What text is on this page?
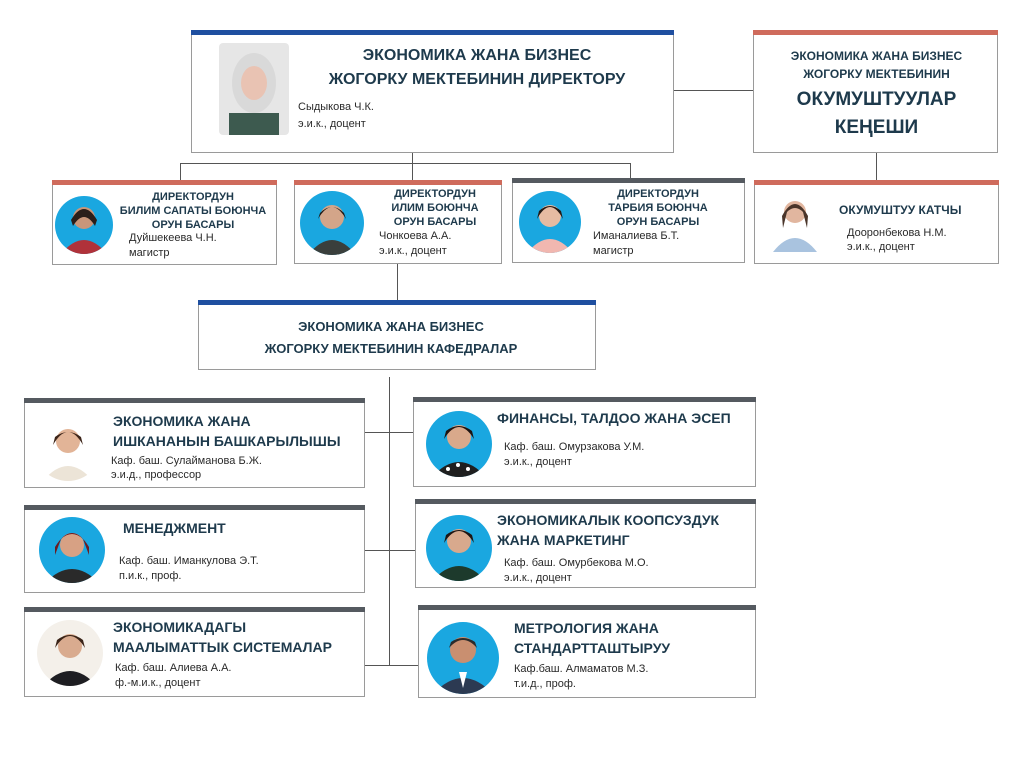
ЭКОНОМИКА ЖАНА БИЗНЕС
ЖОГОРКУ МЕКТЕБИНИН ДИРЕКТОРУ
Сыдыкова Ч.К.
э.и.к., доцент
ЭКОНОМИКА ЖАНА БИЗНЕС
ЖОГОРКУ МЕКТЕБИНИН
ОКУМУШТУУЛАР
КЕҢЕШИ
ДИРЕКТОРДУН
БИЛИМ САПАТЫ БОЮНЧА
ОРУН БАСАРЫ
Дуйшекеева Ч.Н.
магистр
ДИРЕКТОРДУН
ИЛИМ БОЮНЧА
ОРУН БАСАРЫ
Чонкоева А.А.
э.и.к., доцент
ДИРЕКТОРДУН
ТАРБИЯ БОЮНЧА
ОРУН БАСАРЫ
Иманалиева Б.Т.
магистр
ОКУМУШТУУ КАТЧЫ
Дооронбекова Н.М.
э.и.к., доцент
ЭКОНОМИКА ЖАНА БИЗНЕС
ЖОГОРКУ МЕКТЕБИНИН КАФЕДРАЛАР
ЭКОНОМИКА ЖАНА
ИШКАНАНЫН БАШКАРЫЛЫШЫ
Каф. баш. Сулайманова Б.Ж.
э.и.д., профессор
ФИНАНСЫ, ТАЛДОО ЖАНА ЭСЕП
Каф. баш. Омурзакова У.М.
э.и.к., доцент
МЕНЕДЖМЕНТ
Каф. баш. Иманкулова Э.Т.
п.и.к., проф.
ЭКОНОМИКАЛЫК КООПСУЗДУК
ЖАНА МАРКЕТИНГ
Каф. баш. Омурбекова М.О.
э.и.к., доцент
ЭКОНОМИКАДАГЫ
МААЛЫМАТТЫК СИСТЕМАЛАР
Каф. баш. Алиева А.А.
ф.-м.и.к., доцент
МЕТРОЛОГИЯ ЖАНА
СТАНДАРТТАШТЫРУУ
Каф.баш. Алмаматов М.З.
т.и.д., проф.
